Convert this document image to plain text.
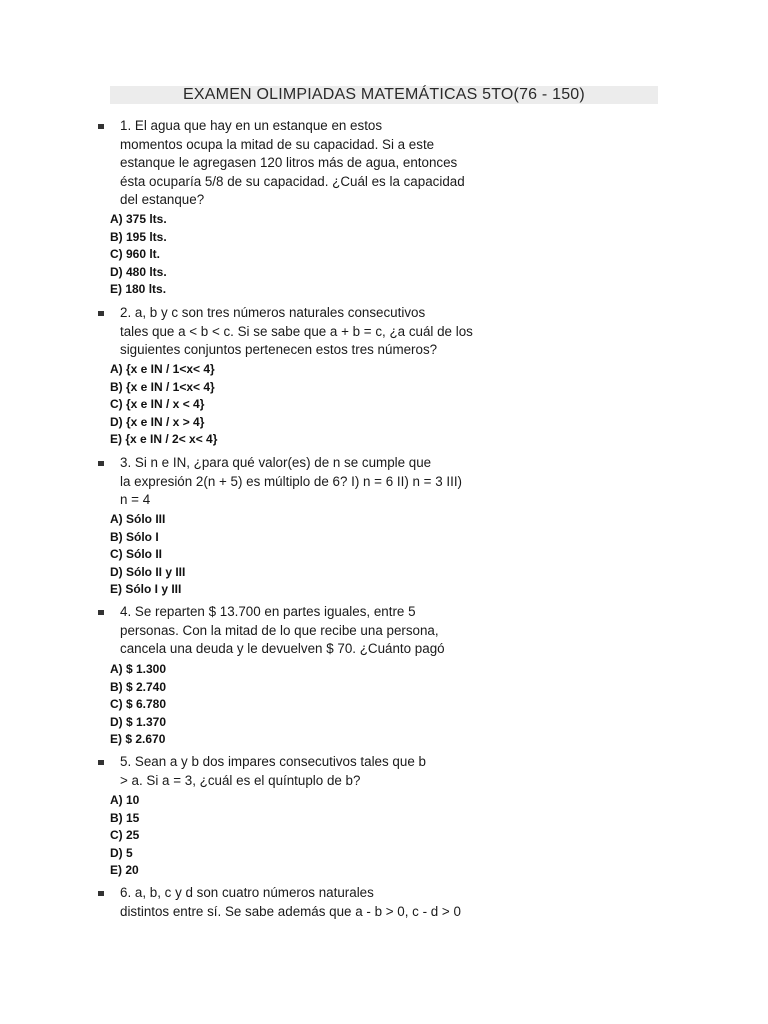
EXAMEN OLIMPIADAS MATEMÁTICAS 5TO(76 - 150)
1. El agua que hay en un estanque en estos
momentos ocupa la mitad de su capacidad. Si a este
estanque le agregasen 120 litros más de agua, entonces
ésta ocuparía 5/8 de su capacidad. ¿Cuál es la capacidad
del estanque?
A) 375 lts.
B) 195 lts.
C) 960 lt.
D) 480 lts.
E) 180 lts.
2. a, b y c son tres números naturales consecutivos
tales que a < b < c. Si se sabe que a + b = c, ¿a cuál de los
siguientes conjuntos pertenecen estos tres números?
A) {x e IN / 1<x< 4}
B) {x e IN / 1<x< 4}
C) {x e IN / x < 4}
D) {x e IN / x > 4}
E) {x e IN / 2< x< 4}
3. Si n e IN, ¿para qué valor(es) de n se cumple que
la expresión 2(n + 5) es múltiplo de 6? I) n = 6 II) n = 3 III)
n = 4
A) Sólo III
B) Sólo I
C) Sólo II
D) Sólo II y III
E) Sólo I y III
4. Se reparten $ 13.700 en partes iguales, entre 5
personas. Con la mitad de lo que recibe una persona,
cancela una deuda y le devuelven $ 70. ¿Cuánto pagó
A) $ 1.300
B) $ 2.740
C) $ 6.780
D) $ 1.370
E) $ 2.670
5. Sean a y b dos impares consecutivos tales que b
> a. Si a = 3, ¿cuál es el quíntuplo de b?
A) 10
B) 15
C) 25
D) 5
E) 20
6. a, b, c y d son cuatro números naturales
distintos entre sí. Se sabe además que a - b > 0, c - d > 0
